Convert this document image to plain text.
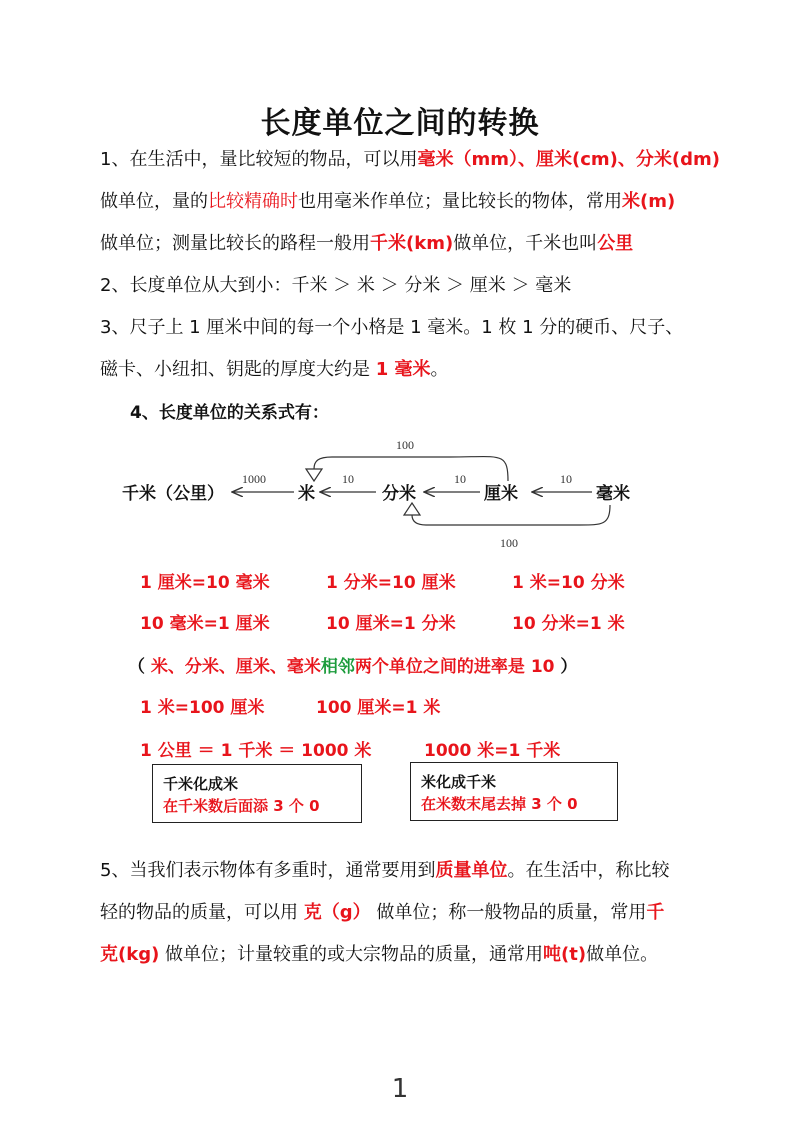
长度单位之间的转换
1、在生活中，量比较短的物品，可以用毫米（mm）、厘米(cm)、分米(dm)
做单位，量的比较精确时也用毫米作单位；量比较长的物体，常用米(m)
做单位；测量比较长的路程一般用千米(km)做单位，千米也叫公里
2、长度单位从大到小：千米 ＞ 米 ＞ 分米 ＞ 厘米 ＞ 毫米
3、尺子上 1 厘米中间的每一个小格是 1 毫米。1 枚 1 分的硬币、尺子、
磁卡、小纽扣、钥匙的厚度大约是 1 毫米。
4、长度单位的关系式有：
千米（公里）	米	分米	厘米	毫米
1000	10	10	10
100
100
1 厘米=10 毫米	1 分米=10 厘米	1 米=10 分米
10 毫米=1 厘米	10 厘米=1 分米	10 分米=1 米
（ 米、分米、厘米、毫米相邻两个单位之间的进率是 10 ）
1 米=100 厘米	100 厘米=1 米
1 公里 ＝ 1 千米 ＝ 1000 米	1000 米=1 千米
千米化成米
在千米数后面添 3 个 0
米化成千米
在米数末尾去掉 3 个 0
5、当我们表示物体有多重时，通常要用到质量单位。在生活中，称比较
轻的物品的质量，可以用 克（g） 做单位；称一般物品的质量，常用千
克(kg) 做单位；计量较重的或大宗物品的质量，通常用吨(t)做单位。
1
